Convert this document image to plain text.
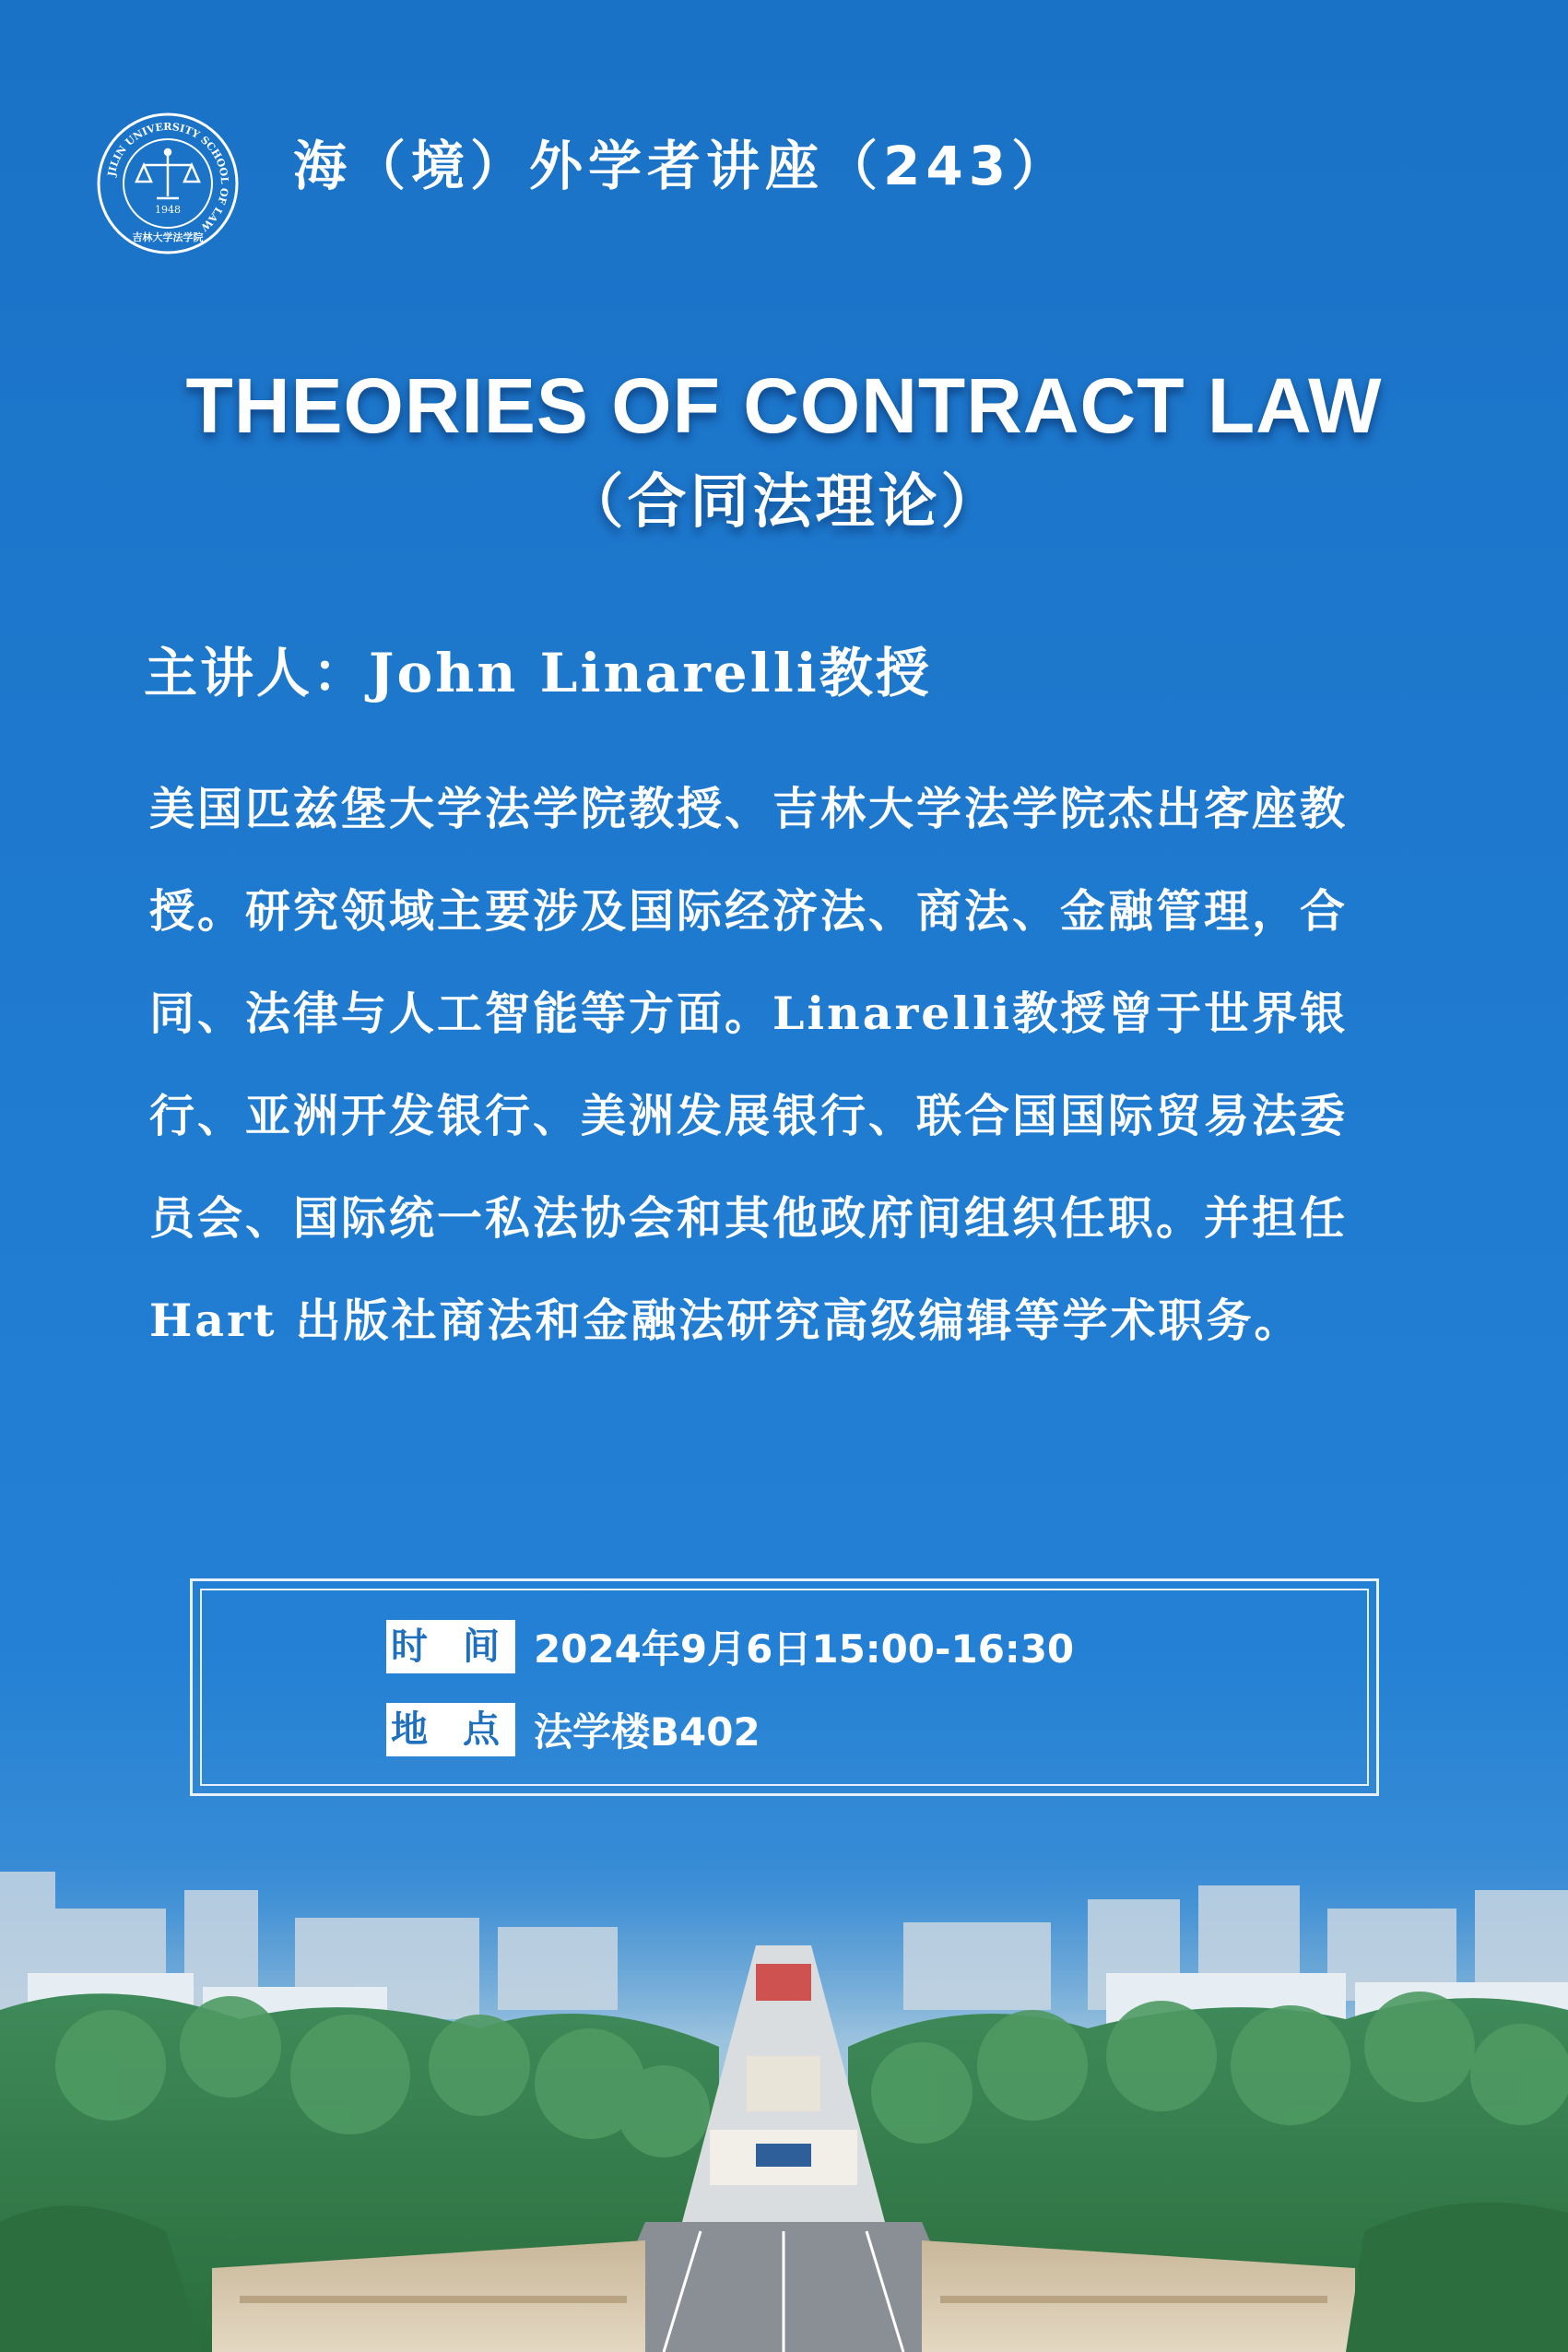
JILIN UNIVERSITY SCHOOL OF LAW
1948
吉林大学法学院
海（境）外学者讲座（243）
THEORIES OF CONTRACT LAW
（合同法理论）
主讲人：John Linarelli教授
美国匹兹堡大学法学院教授、吉林大学法学院杰出客座教
授。研究领域主要涉及国际经济法、商法、金融管理，合
同、法律与人工智能等方面。Linarelli教授曾于世界银
行、亚洲开发银行、美洲发展银行、联合国国际贸易法委
员会、国际统一私法协会和其他政府间组织任职。并担任
Hart 出版社商法和金融法研究高级编辑等学术职务。
时 间 2024年9月6日15:00-16:30
地 点 法学楼B402
